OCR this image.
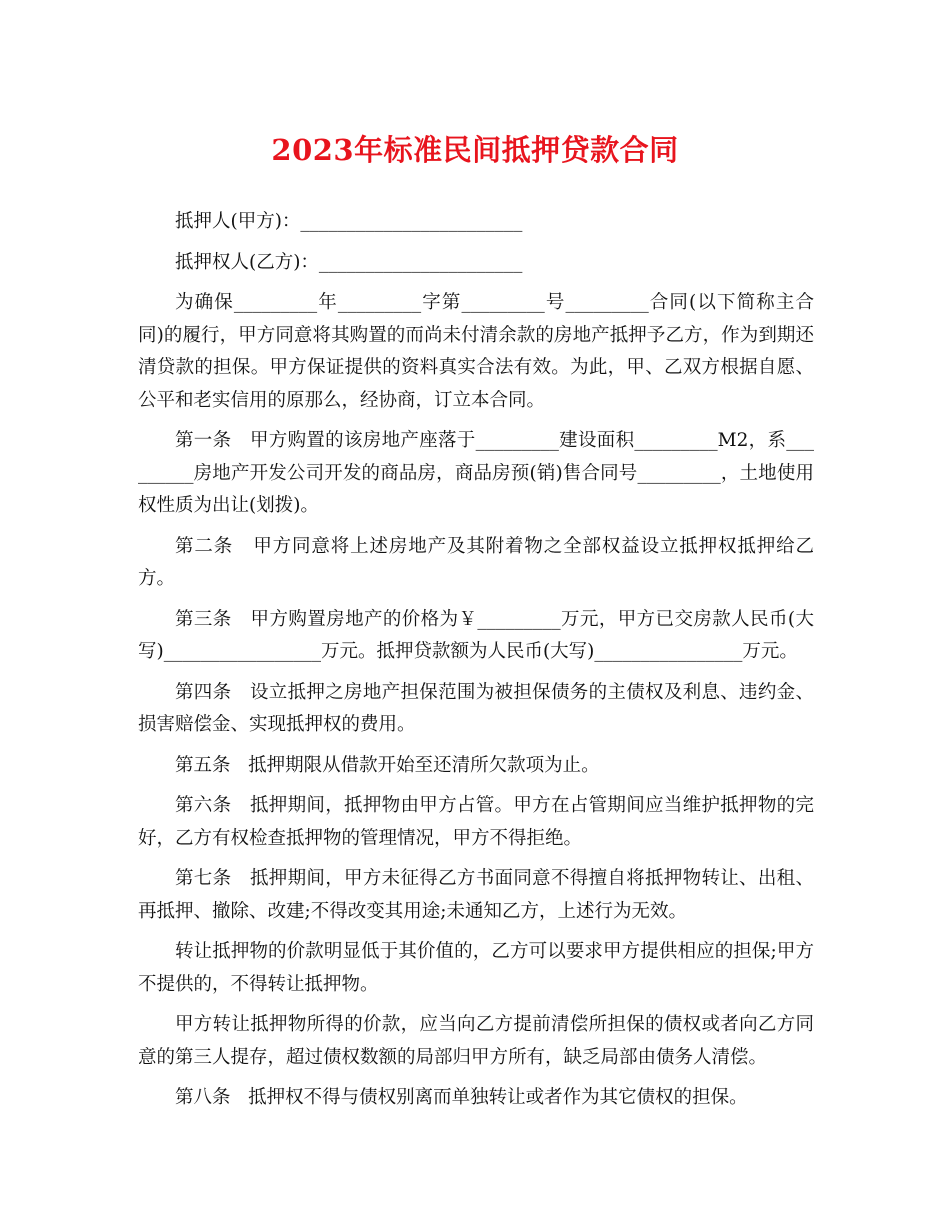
2023年标准民间抵押贷款合同

抵押人(甲方)：________________________

抵押权人(乙方)：______________________

为确保_________年_________字第_________号_________合同(以下简称主合同)的履行，甲方同意将其购置的而尚未付清余款的房地产抵押予乙方，作为到期还清贷款的担保。甲方保证提供的资料真实合法有效。为此，甲、乙双方根据自愿、公平和老实信用的原那么，经协商，订立本合同。

第一条   甲方购置的该房地产座落于_________建设面积_________M2，系_________房地产开发公司开发的商品房，商品房预(销)售合同号_________，土地使用权性质为出让(划拨)。

第二条   甲方同意将上述房地产及其附着物之全部权益设立抵押权抵押给乙方。

第三条   甲方购置房地产的价格为￥_________万元，甲方已交房款人民币(大写)_________________万元。抵押贷款额为人民币(大写)________________万元。

第四条   设立抵押之房地产担保范围为被担保债务的主债权及利息、违约金、损害赔偿金、实现抵押权的费用。

第五条   抵押期限从借款开始至还清所欠款项为止。

第六条   抵押期间，抵押物由甲方占管。甲方在占管期间应当维护抵押物的完好，乙方有权检查抵押物的管理情况，甲方不得拒绝。

第七条   抵押期间，甲方未征得乙方书面同意不得擅自将抵押物转让、出租、再抵押、撤除、改建;不得改变其用途;未通知乙方，上述行为无效。

转让抵押物的价款明显低于其价值的，乙方可以要求甲方提供相应的担保;甲方不提供的，不得转让抵押物。

甲方转让抵押物所得的价款，应当向乙方提前清偿所担保的债权或者向乙方同意的第三人提存，超过债权数额的局部归甲方所有，缺乏局部由债务人清偿。

第八条   抵押权不得与债权别离而单独转让或者作为其它债权的担保。
